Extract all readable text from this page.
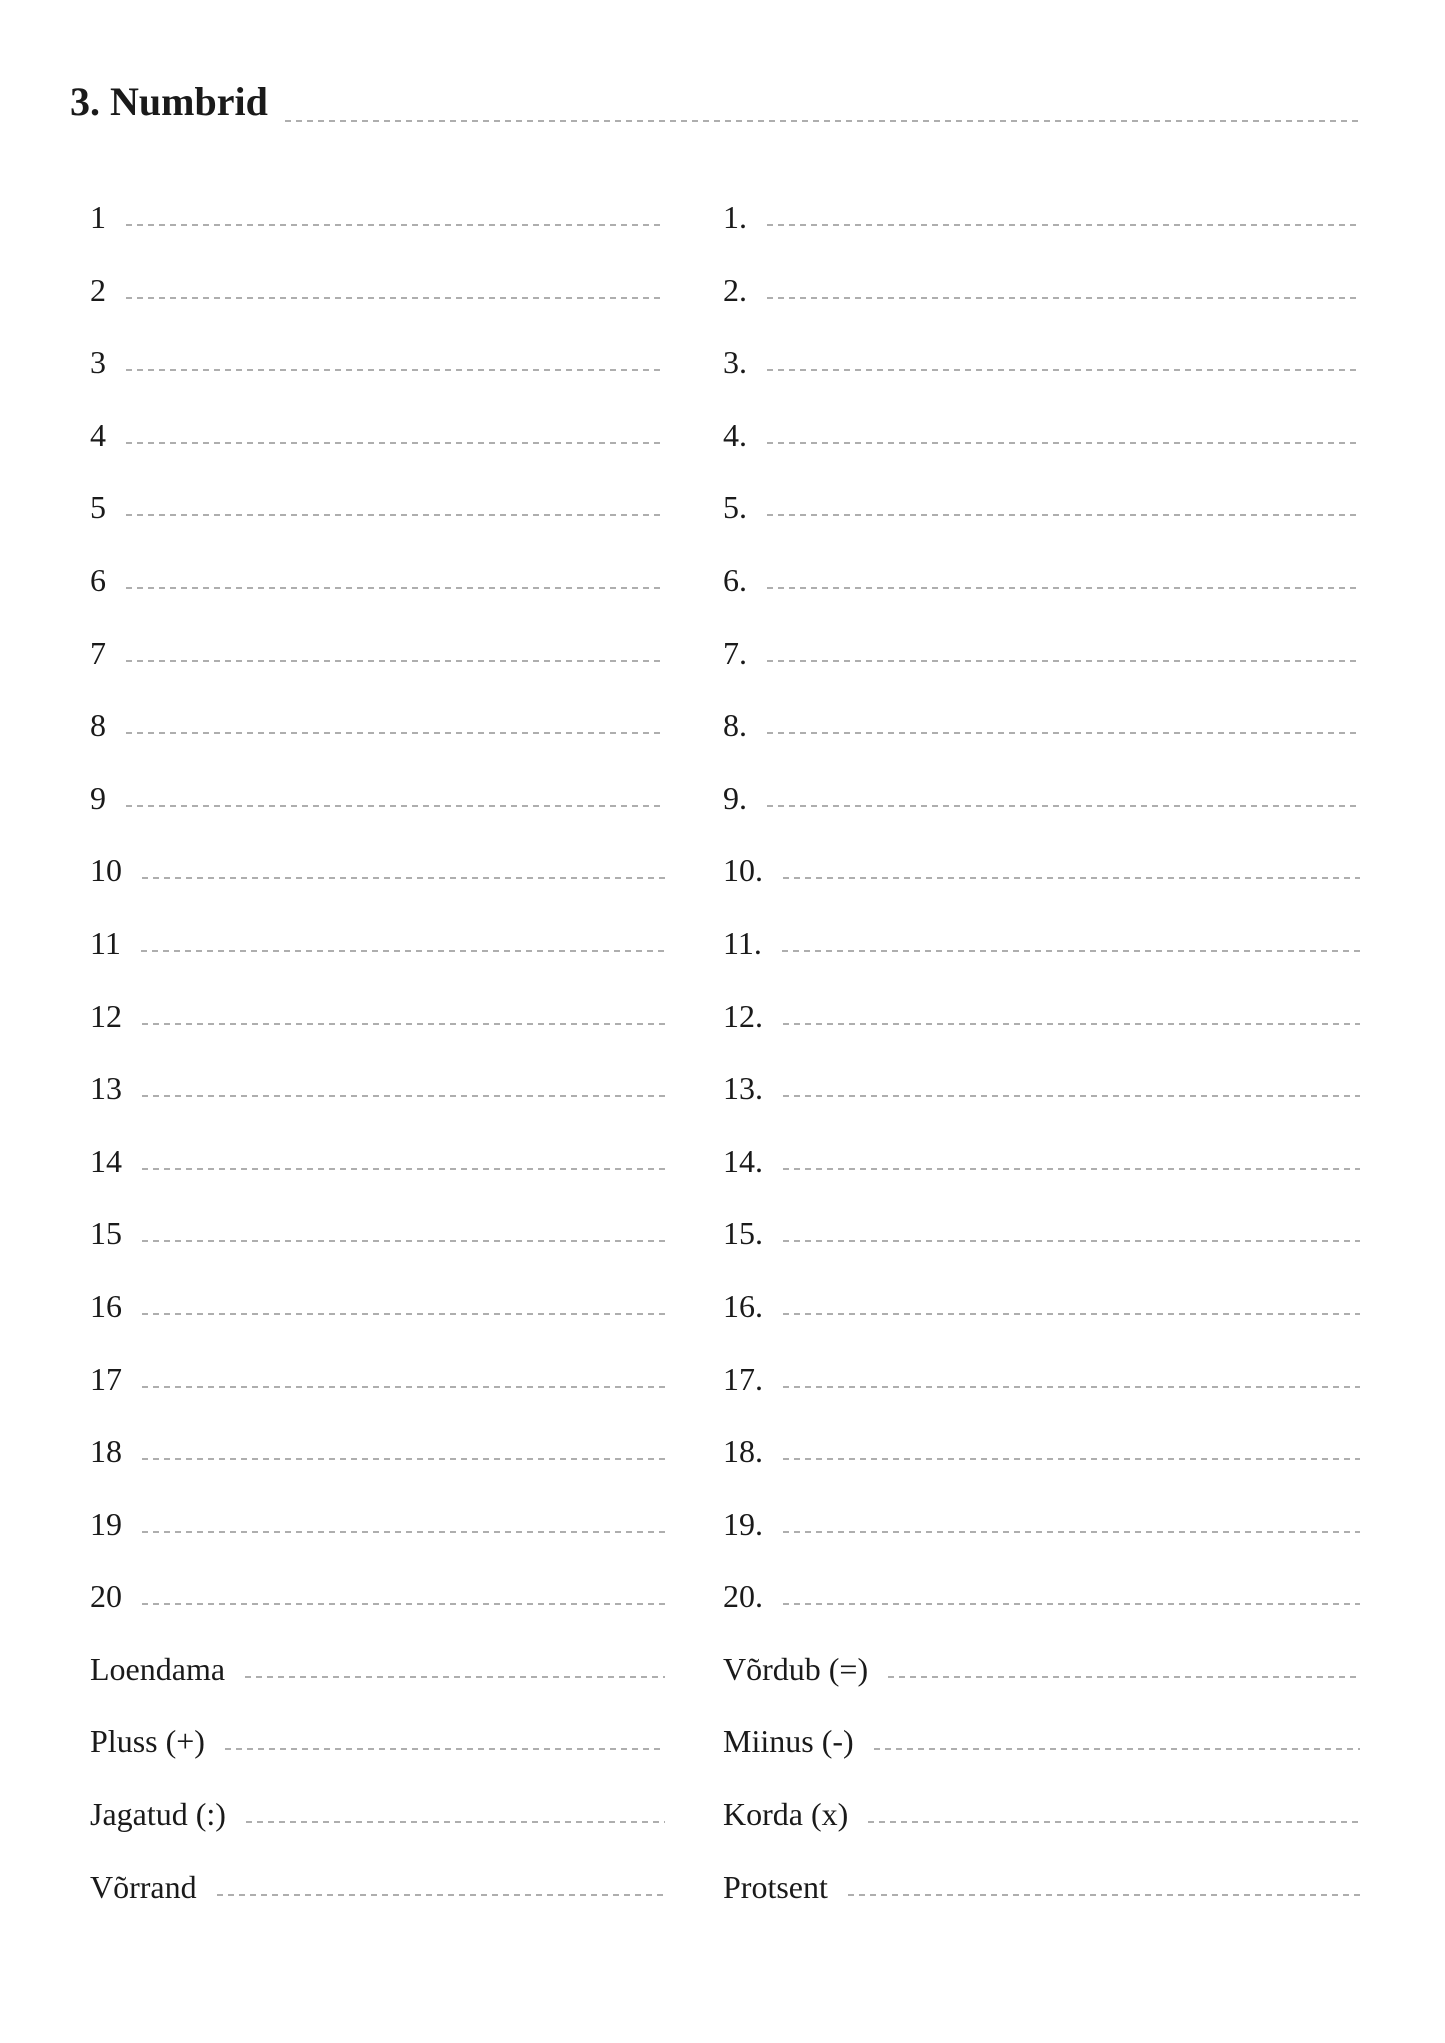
3. Numbrid
1
2
3
4
5
6
7
8
9
10
11
12
13
14
15
16
17
18
19
20
Loendama
Pluss (+)
Jagatud (:)
Võrrand
1.
2.
3.
4.
5.
6.
7.
8.
9.
10.
11.
12.
13.
14.
15.
16.
17.
18.
19.
20.
Võrdub (=)
Miinus (-)
Korda (x)
Protsent
